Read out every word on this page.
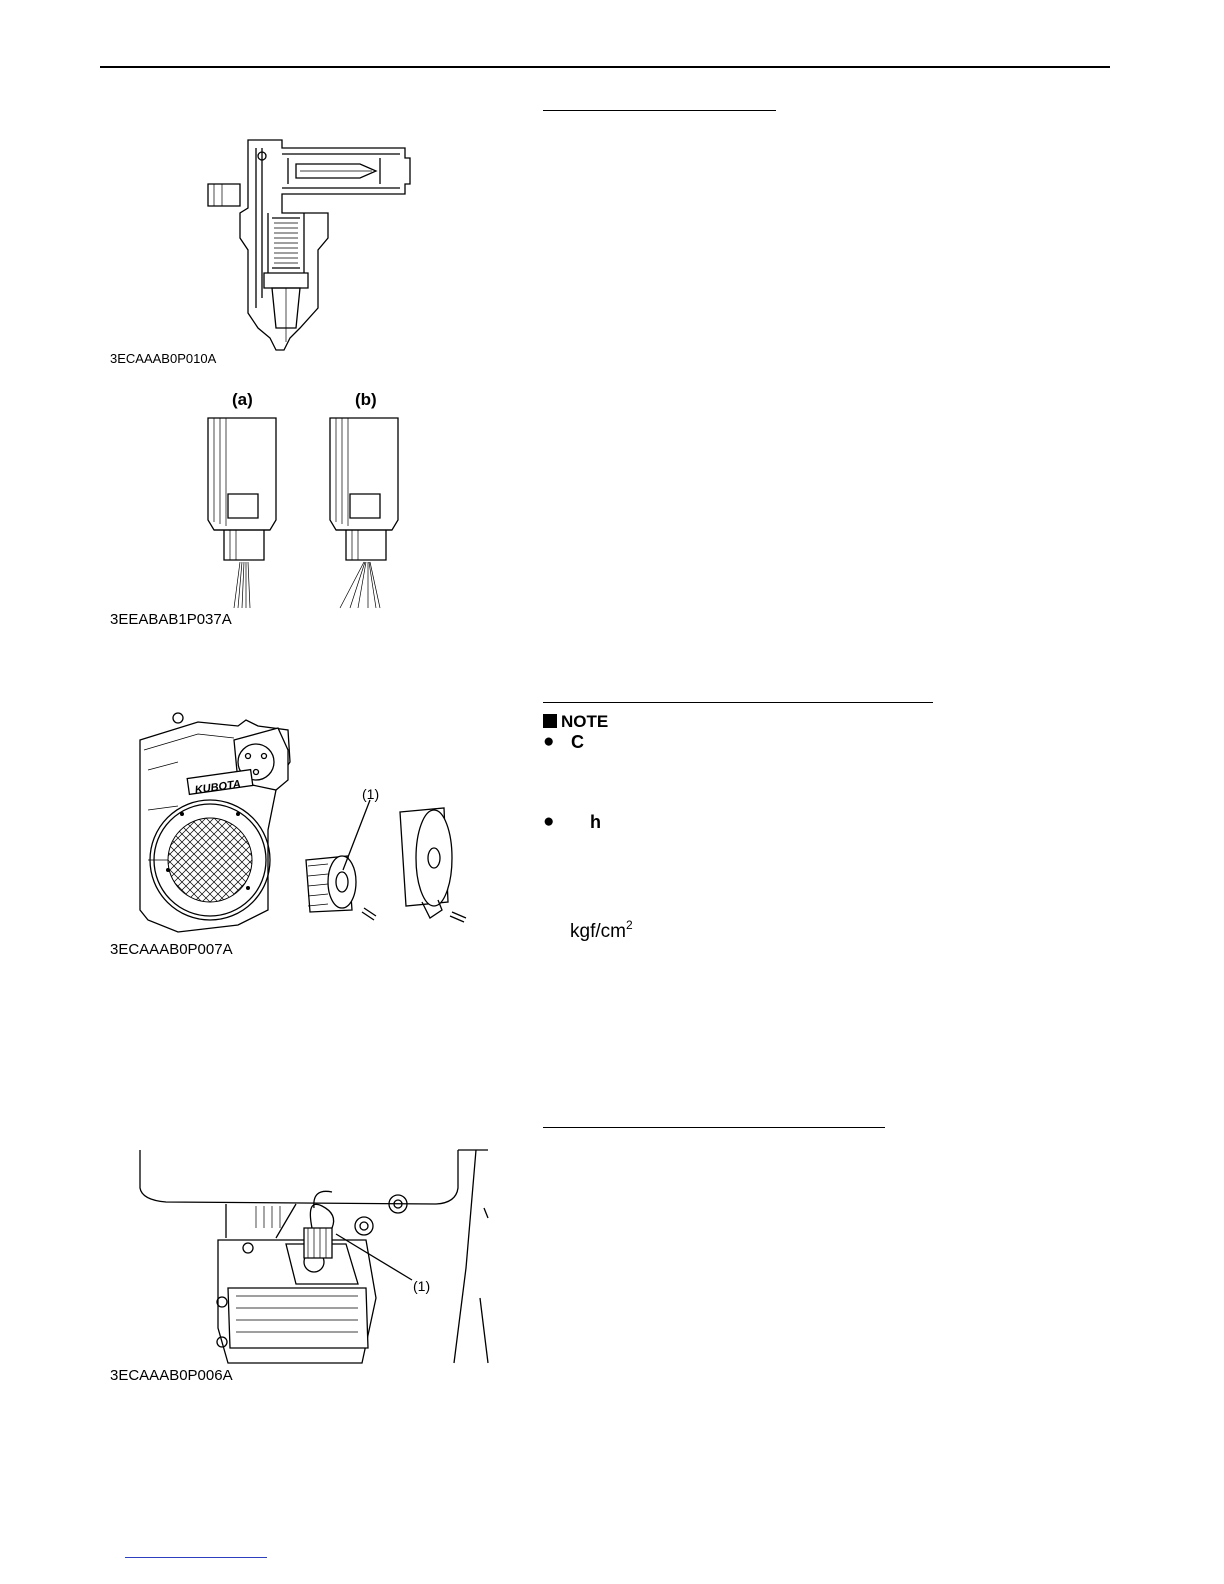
3ECAAAB0P010A
(a)	(b)
3EEABAB1P037A
KUBOTA	(1)
3ECAAAB0P007A
(1)
3ECAAAB0P006A
NOTE
● C
● h
kgf/$cm^2$
